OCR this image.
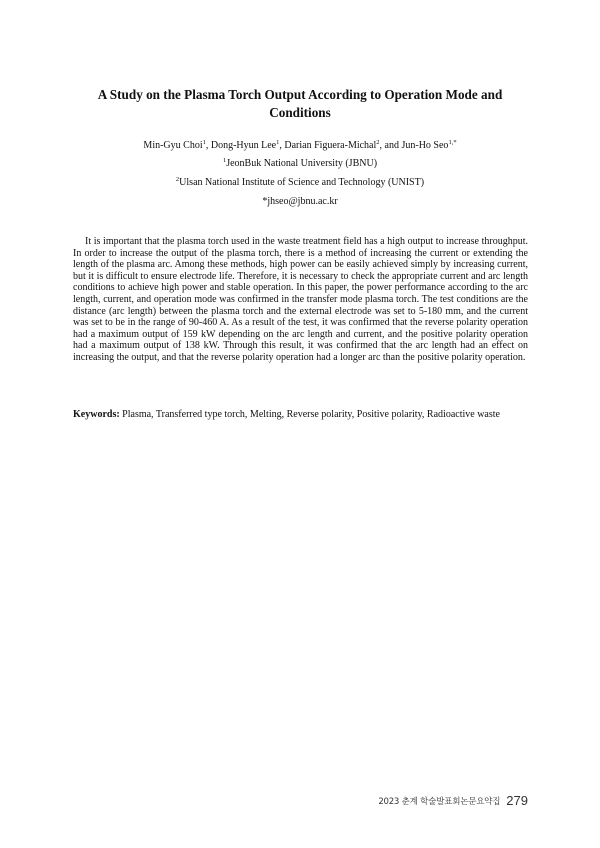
A Study on the Plasma Torch Output According to Operation Mode and Conditions
Min-Gyu Choi$^1$, Dong-Hyun Lee$^1$, Darian Figuera-Michal$^2$, and Jun-Ho Seo$^{1,*}$
$^1$JeonBuk National University (JBNU)
$^2$Ulsan National Institute of Science and Technology (UNIST)
*jhseo@jbnu.ac.kr

It is important that the plasma torch used in the waste treatment field has a high output to increase throughput. In order to increase the output of the plasma torch, there is a method of increasing the current or extending the length of the plasma arc. Among these methods, high power can be easily achieved simply by increasing current, but it is difficult to ensure electrode life. Therefore, it is necessary to check the appropriate current and arc length conditions to achieve high power and stable operation. In this paper, the power performance according to the arc length, current, and operation mode was confirmed in the transfer mode plasma torch. The test conditions are the distance (arc length) between the plasma torch and the external electrode was set to 5-180 mm, and the current was set to be in the range of 90-460 A. As a result of the test, it was confirmed that the reverse polarity operation had a maximum output of 159 kW depending on the arc length and current, and the positive polarity operation had a maximum output of 138 kW. Through this result, it was confirmed that the arc length had an effect on increasing the output, and that the reverse polarity operation had a longer arc than the positive polarity operation.

Keywords: Plasma, Transferred type torch, Melting, Reverse polarity, Positive polarity, Radioactive waste

2023 춘계 학술발표회논문요약집 279
